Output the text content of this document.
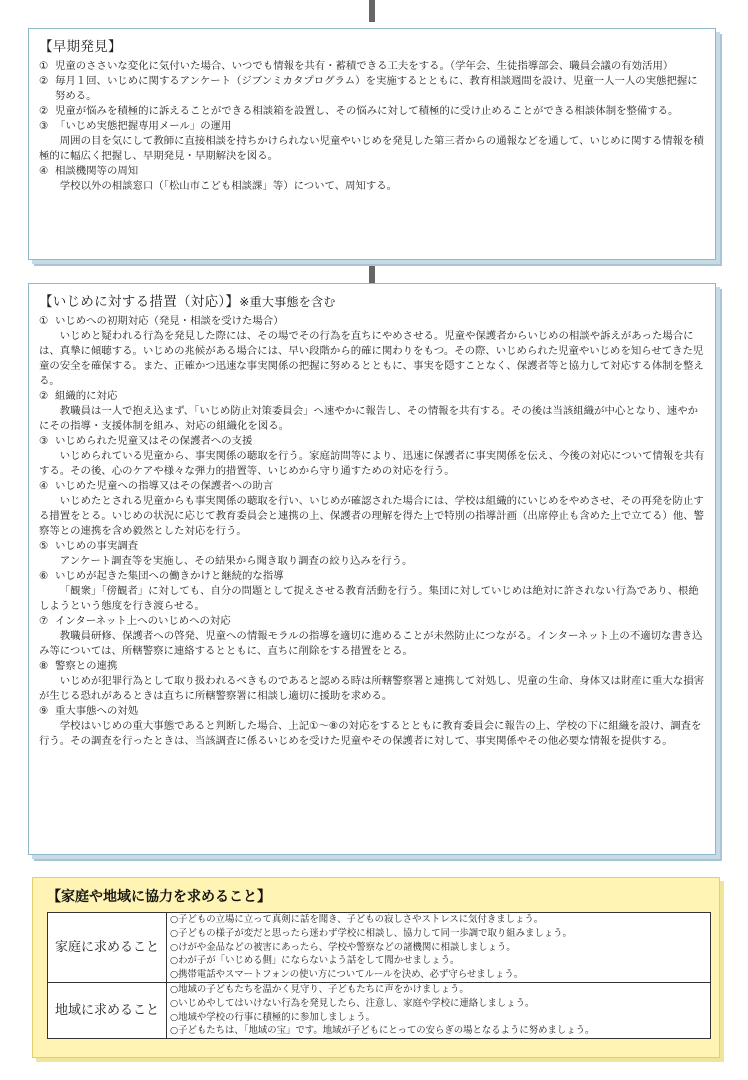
【早期発見】
① 児童のささいな変化に気付いた場合、いつでも情報を共有・蓄積できる工夫をする。（学年会、生徒指導部会、職員会議の有効活用）
② 毎月１回、いじめに関するアンケート（ジブンミカタプログラム）を実施するとともに、教育相談週間を設け、児童一人一人の実態把握に努める。
② 児童が悩みを積極的に訴えることができる相談箱を設置し、その悩みに対して積極的に受け止めることができる相談体制を整備する。
③ 「いじめ実態把握専用メール」の運用
周囲の目を気にして教師に直接相談を持ちかけられない児童やいじめを発見した第三者からの通報などを通して、いじめに関する情報を積極的に幅広く把握し、早期発見・早期解決を図る。
④ 相談機関等の周知
学校以外の相談窓口（「松山市こども相談課」等）について、周知する。
【いじめに対する措置（対応）】※重大事態を含む
① いじめへの初期対応（発見・相談を受けた場合）
いじめと疑われる行為を発見した際には、その場でその行為を直ちにやめさせる。児童や保護者からいじめの相談や訴えがあった場合には、真摯に傾聴する。いじめの兆候がある場合には、早い段階から的確に関わりをもつ。その際、いじめられた児童やいじめを知らせてきた児童の安全を確保する。また、正確かつ迅速な事実関係の把握に努めるとともに、事実を隠すことなく、保護者等と協力して対応する体制を整える。
② 組織的に対応
教職員は一人で抱え込まず、「いじめ防止対策委員会」へ速やかに報告し、その情報を共有する。その後は当該組織が中心となり、速やかにその指導・支援体制を組み、対応の組織化を図る。
③ いじめられた児童又はその保護者への支援
いじめられている児童から、事実関係の聴取を行う。家庭訪問等により、迅速に保護者に事実関係を伝え、今後の対応について情報を共有する。その後、心のケアや様々な弾力的措置等、いじめから守り通すための対応を行う。
④ いじめた児童への指導又はその保護者への助言
いじめたとされる児童からも事実関係の聴取を行い、いじめが確認された場合には、学校は組織的にいじめをやめさせ、その再発を防止する措置をとる。いじめの状況に応じて教育委員会と連携の上、保護者の理解を得た上で特別の指導計画（出席停止も含めた上で立てる）他、警察等との連携を含め毅然とした対応を行う。
⑤ いじめの事実調査
アンケート調査等を実施し、その結果から聞き取り調査の絞り込みを行う。
⑥ いじめが起きた集団への働きかけと継続的な指導
「観衆」「傍観者」に対しても、自分の問題として捉えさせる教育活動を行う。集団に対していじめは絶対に許されない行為であり、根絶しようという態度を行き渡らせる。
⑦ インターネット上へのいじめへの対応
教職員研修、保護者への啓発、児童への情報モラルの指導を適切に進めることが未然防止につながる。インターネット上の不適切な書き込み等については、所轄警察に連絡するとともに、直ちに削除をする措置をとる。
⑧ 警察との連携
いじめが犯罪行為として取り扱われるべきものであると認める時は所轄警察署と連携して対処し、児童の生命、身体又は財産に重大な損害が生じる恐れがあるときは直ちに所轄警察署に相談し適切に援助を求める。
⑨ 重大事態への対処
学校はいじめの重大事態であると判断した場合、上記①～⑧の対応をするとともに教育委員会に報告の上、学校の下に組織を設け、調査を行う。その調査を行ったときは、当該調査に係るいじめを受けた児童やその保護者に対して、事実関係やその他必要な情報を提供する。
【家庭や地域に協力を求めること】
家庭に求めること	○子どもの立場に立って真剣に話を聞き、子どもの寂しさやストレスに気付きましょう。
○子どもの様子が変だと思ったら迷わず学校に相談し、協力して同一歩調で取り組みましょう。
○けがや金品などの被害にあったら、学校や警察などの諸機関に相談しましょう。
○わが子が「いじめる側」にならないよう話をして聞かせましょう。
○携帯電話やスマートフォンの使い方についてルールを決め、必ず守らせましょう。

地域に求めること	○地域の子どもたちを温かく見守り、子どもたちに声をかけましょう。
○いじめやしてはいけない行為を発見したら、注意し、家庭や学校に連絡しましょう。
○地域や学校の行事に積極的に参加しましょう。
○子どもたちは、「地域の宝」です。地域が子どもにとっての安らぎの場となるように努めましょう。
